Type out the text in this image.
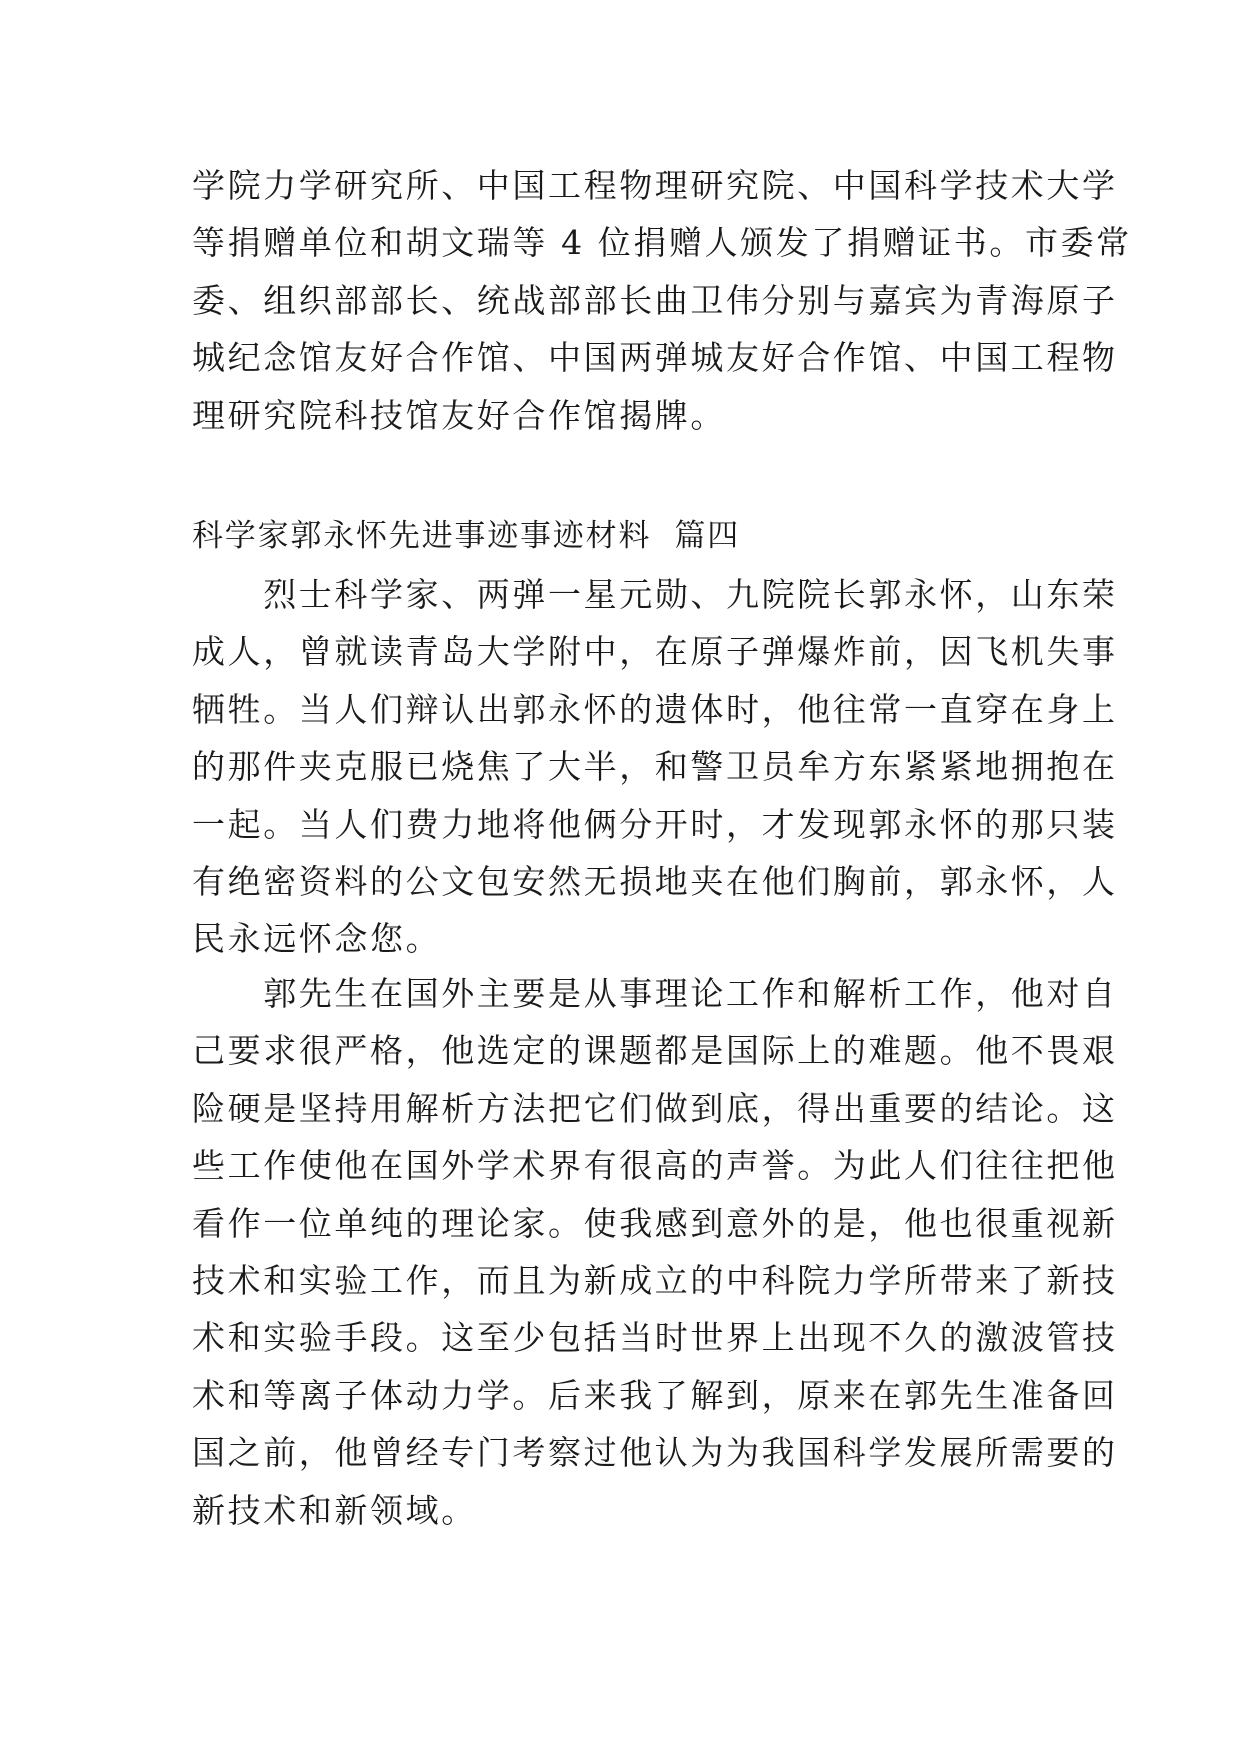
学院力学研究所、中国工程物理研究院、中国科学技术大学
等捐赠单位和胡文瑞等 4 位捐赠人颁发了捐赠证书。市委常
委、组织部部长、统战部部长曲卫伟分别与嘉宾为青海原子
城纪念馆友好合作馆、中国两弹城友好合作馆、中国工程物
理研究院科技馆友好合作馆揭牌。
科学家郭永怀先进事迹事迹材料  篇四
　　烈士科学家、两弹一星元勋、九院院长郭永怀，山东荣
成人，曾就读青岛大学附中，在原子弹爆炸前，因飞机失事
牺牲。当人们辩认出郭永怀的遗体时，他往常一直穿在身上
的那件夹克服已烧焦了大半，和警卫员牟方东紧紧地拥抱在
一起。当人们费力地将他俩分开时，才发现郭永怀的那只装
有绝密资料的公文包安然无损地夹在他们胸前，郭永怀，人
民永远怀念您。
　　郭先生在国外主要是从事理论工作和解析工作，他对自
己要求很严格，他选定的课题都是国际上的难题。他不畏艰
险硬是坚持用解析方法把它们做到底，得出重要的结论。这
些工作使他在国外学术界有很高的声誉。为此人们往往把他
看作一位单纯的理论家。使我感到意外的是，他也很重视新
技术和实验工作，而且为新成立的中科院力学所带来了新技
术和实验手段。这至少包括当时世界上出现不久的激波管技
术和等离子体动力学。后来我了解到，原来在郭先生准备回
国之前，他曾经专门考察过他认为为我国科学发展所需要的
新技术和新领域。
